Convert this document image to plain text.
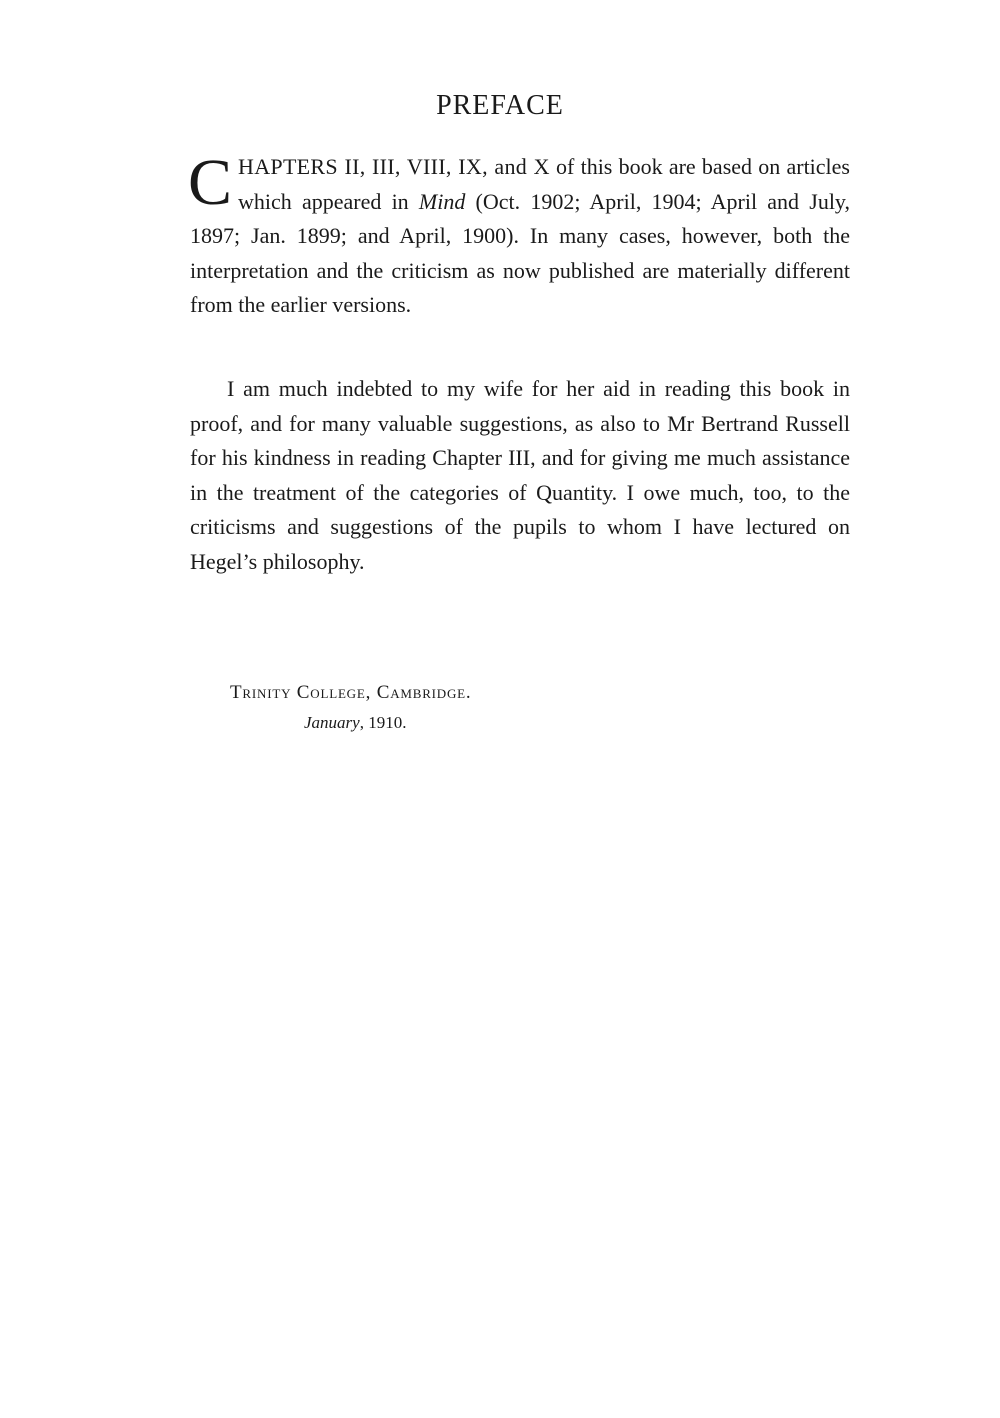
PREFACE

CHAPTERS II, III, VIII, IX, and X of this book are based on articles which appeared in Mind (Oct. 1902; April, 1904; April and July, 1897; Jan. 1899; and April, 1900). In many cases, however, both the interpretation and the criticism as now published are materially different from the earlier versions.

I am much indebted to my wife for her aid in reading this book in proof, and for many valuable suggestions, as also to Mr Bertrand Russell for his kindness in reading Chapter III, and for giving me much assistance in the treatment of the categories of Quantity. I owe much, too, to the criticisms and suggestions of the pupils to whom I have lectured on Hegel’s philosophy.

Trinity College, Cambridge.
January, 1910.
